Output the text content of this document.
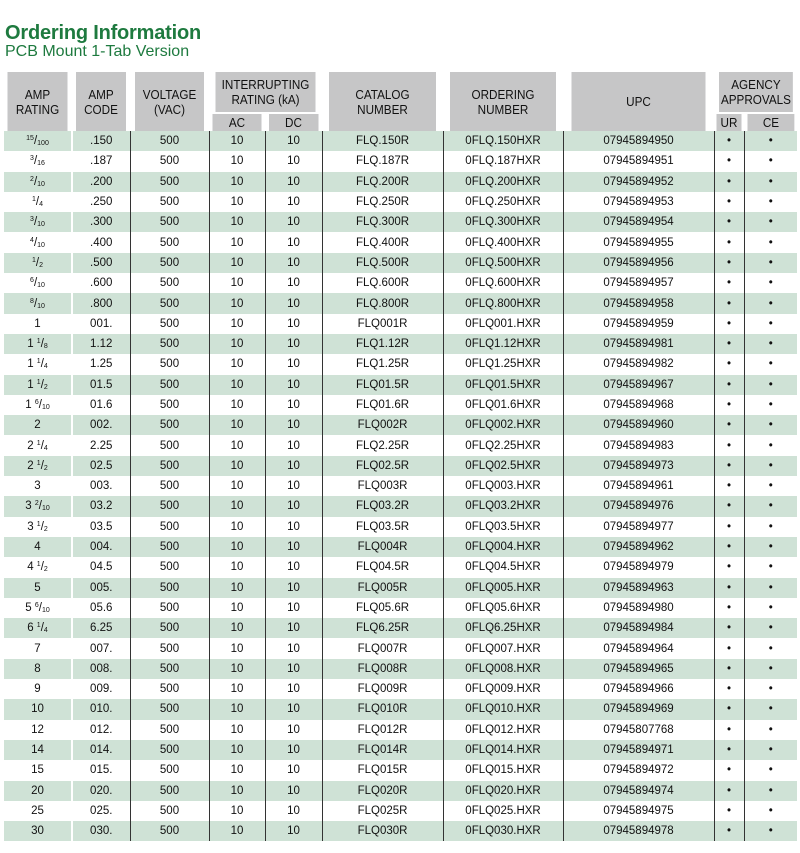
Ordering Information
PCB Mount 1-Tab Version
AMP RATING	AMP CODE	VOLTAGE (VAC)	INTERRUPTING RATING (kA)		CATALOG NUMBER	ORDERING NUMBER	UPC	AGENCY APPROVALS	
			AC	DC				UR	CE
$^{15}/_{100}$	.150	500	10	10	FLQ.150R	0FLQ.150HXR	07945894950	•	•
$^3/_{16}$	.187	500	10	10	FLQ.187R	0FLQ.187HXR	07945894951	•	•
$^2/_{10}$	.200	500	10	10	FLQ.200R	0FLQ.200HXR	07945894952	•	•
$^1/_4$	.250	500	10	10	FLQ.250R	0FLQ.250HXR	07945894953	•	•
$^3/_{10}$	.300	500	10	10	FLQ.300R	0FLQ.300HXR	07945894954	•	•
$^4/_{10}$	.400	500	10	10	FLQ.400R	0FLQ.400HXR	07945894955	•	•
$^1/_2$	.500	500	10	10	FLQ.500R	0FLQ.500HXR	07945894956	•	•
$^6/_{10}$	.600	500	10	10	FLQ.600R	0FLQ.600HXR	07945894957	•	•
$^8/_{10}$	.800	500	10	10	FLQ.800R	0FLQ.800HXR	07945894958	•	•
1	001.	500	10	10	FLQ001R	0FLQ001.HXR	07945894959	•	•
1 $^1/_8$	1.12	500	10	10	FLQ1.12R	0FLQ1.12HXR	07945894981	•	•
1 $^1/_4$	1.25	500	10	10	FLQ1.25R	0FLQ1.25HXR	07945894982	•	•
1 $^1/_2$	01.5	500	10	10	FLQ01.5R	0FLQ01.5HXR	07945894967	•	•
1 $^6/_{10}$	01.6	500	10	10	FLQ01.6R	0FLQ01.6HXR	07945894968	•	•
2	002.	500	10	10	FLQ002R	0FLQ002.HXR	07945894960	•	•
2 $^1/_4$	2.25	500	10	10	FLQ2.25R	0FLQ2.25HXR	07945894983	•	•
2 $^1/_2$	02.5	500	10	10	FLQ02.5R	0FLQ02.5HXR	07945894973	•	•
3	003.	500	10	10	FLQ003R	0FLQ003.HXR	07945894961	•	•
3 $^2/_{10}$	03.2	500	10	10	FLQ03.2R	0FLQ03.2HXR	07945894976	•	•
3 $^1/_2$	03.5	500	10	10	FLQ03.5R	0FLQ03.5HXR	07945894977	•	•
4	004.	500	10	10	FLQ004R	0FLQ004.HXR	07945894962	•	•
4 $^1/_2$	04.5	500	10	10	FLQ04.5R	0FLQ04.5HXR	07945894979	•	•
5	005.	500	10	10	FLQ005R	0FLQ005.HXR	07945894963	•	•
5 $^6/_{10}$	05.6	500	10	10	FLQ05.6R	0FLQ05.6HXR	07945894980	•	•
6 $^1/_4$	6.25	500	10	10	FLQ6.25R	0FLQ6.25HXR	07945894984	•	•
7	007.	500	10	10	FLQ007R	0FLQ007.HXR	07945894964	•	•
8	008.	500	10	10	FLQ008R	0FLQ008.HXR	07945894965	•	•
9	009.	500	10	10	FLQ009R	0FLQ009.HXR	07945894966	•	•
10	010.	500	10	10	FLQ010R	0FLQ010.HXR	07945894969	•	•
12	012.	500	10	10	FLQ012R	0FLQ012.HXR	07945807768	•	•
14	014.	500	10	10	FLQ014R	0FLQ014.HXR	07945894971	•	•
15	015.	500	10	10	FLQ015R	0FLQ015.HXR	07945894972	•	•
20	020.	500	10	10	FLQ020R	0FLQ020.HXR	07945894974	•	•
25	025.	500	10	10	FLQ025R	0FLQ025.HXR	07945894975	•	•
30	030.	500	10	10	FLQ030R	0FLQ030.HXR	07945894978	•	•
